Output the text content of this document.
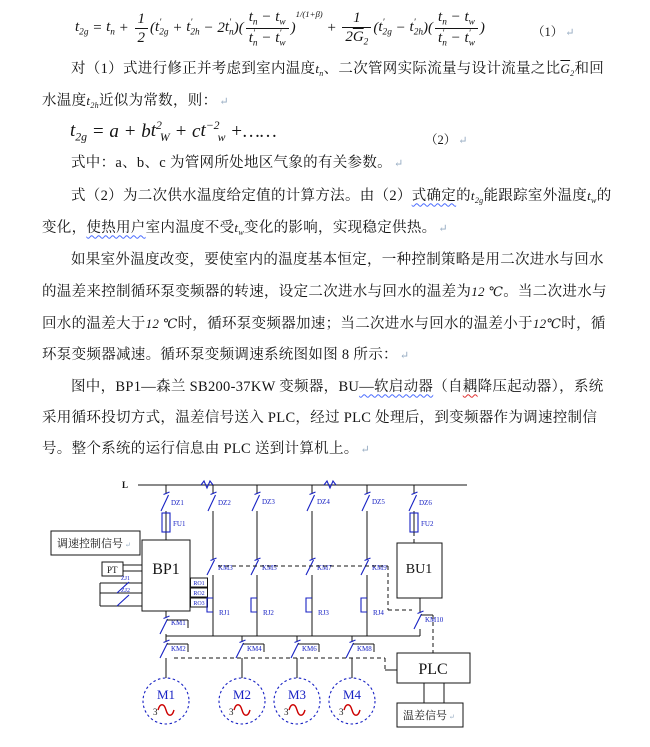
$t_{2g} = t_n + \frac{1}{2}$ ( $t'_{2g} + t'_{2h} - 2$ $t'_n$ )( $\frac{t_n - t_w}{t'_n - t'_w}$ )
1/(1+β)
+ $\frac{1}{2\overline{G}_2}$ ( $t'_{2g} - t'_{2h}$ )( $\frac{t_n - t_w}{t'_n - t'_w}$ )	（1） ↵

对（1）式进行修正并考虑到室内温度$t_n$、二次管网实际流量与设计流量之比$\overline{G}_2$和回水温度$t_{2h}$近似为常数，则： ↵

$t_{2g} = a + b$ $t^2_W + c$ $t^{-2}_w$ +……	（2） ↵

式中：a、b、c 为管网所处地区气象的有关参数。 ↵

式（2）为二次供水温度给定值的计算方法。由（2）式确定的$t_{2g}$能跟踪室外温度$t_w$的变化，使热用户室内温度不受$t_w$变化的影响，实现稳定供热。 ↵

如果室外温度改变，要使室内的温度基本恒定，一种控制策略是用二次进水与回水的温差来控制循环泵变频器的转速，设定二次进水与回水的温差为12 ℃。当二次进水与回水的温差大于12 ℃时，循环泵变频器加速；当二次进水与回水的温差小于12℃时，循环泵变频器减速。循环泵变频调速系统图如图 8 所示： ↵

图中，BP1—森兰 SB200-37KW 变频器，BU—软启动器（自耦降压起动器），系统采用循环投切方式，温差信号送入 PLC，经过 PLC 处理后，到变频器作为调速控制信号。整个系统的运行信息由 PLC 送到计算机上。 ↵

L
DZ1	DZ2	DZ3	DZ4	DZ5	DZ6
FU1	FU2
BP1
调速控制信号 ↵
PT
ZJ1
ZJ2
RO1
RO2
RO3
KM1
KM3
RJ1
KM5
RJ2
KM7
RJ3
KM9
RJ4
BU1
KM10
KM2
M1
3
KM4
M2
3
KM6
M3
3
KM8
M4
3
PLC
温差信号 ↵
